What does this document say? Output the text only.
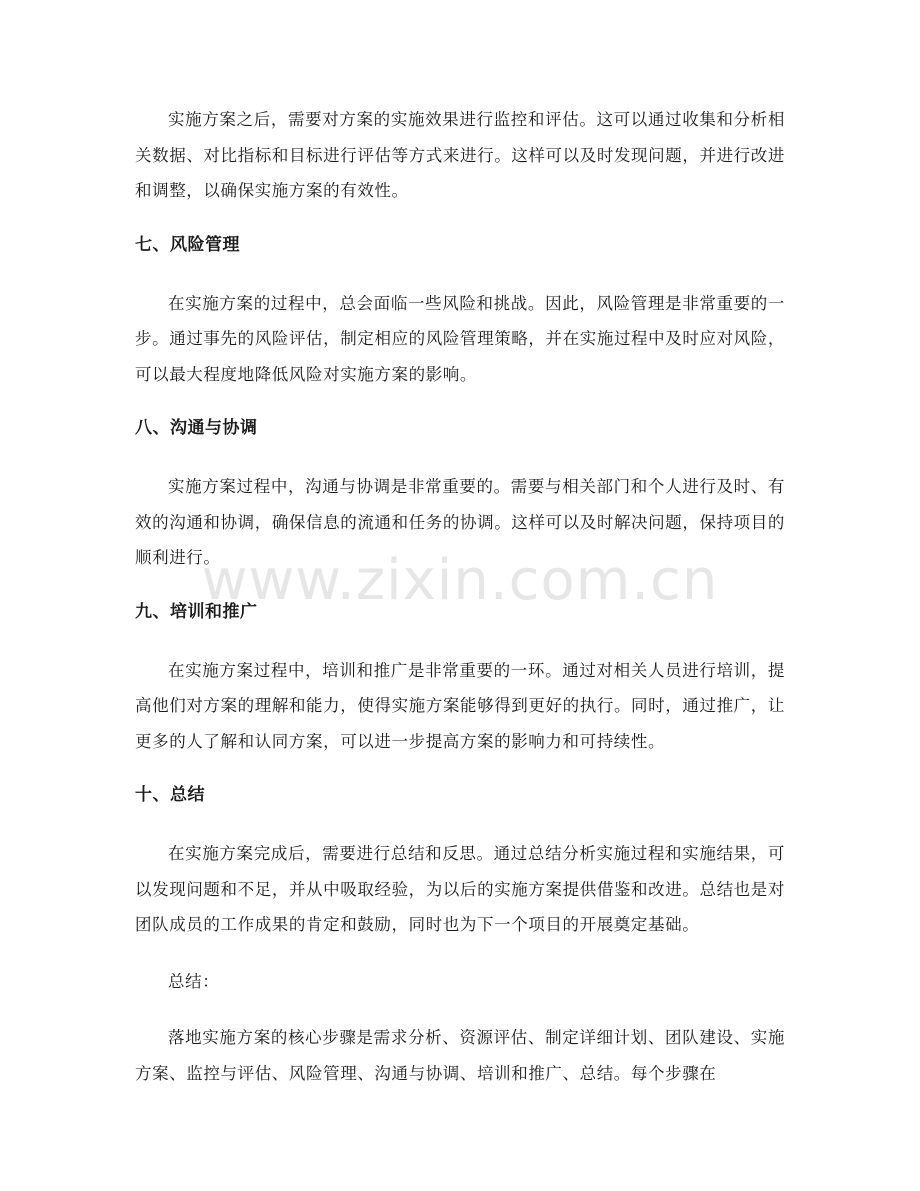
实施方案之后，需要对方案的实施效果进行监控和评估。这可以通过收集和分析相关数据、对比指标和目标进行评估等方式来进行。这样可以及时发现问题，并进行改进和调整，以确保实施方案的有效性。

七、风险管理

在实施方案的过程中，总会面临一些风险和挑战。因此，风险管理是非常重要的一步。通过事先的风险评估，制定相应的风险管理策略，并在实施过程中及时应对风险，可以最大程度地降低风险对实施方案的影响。

八、沟通与协调

实施方案过程中，沟通与协调是非常重要的。需要与相关部门和个人进行及时、有效的沟通和协调，确保信息的流通和任务的协调。这样可以及时解决问题，保持项目的顺利进行。

九、培训和推广

在实施方案过程中，培训和推广是非常重要的一环。通过对相关人员进行培训，提高他们对方案的理解和能力，使得实施方案能够得到更好的执行。同时，通过推广，让更多的人了解和认同方案，可以进一步提高方案的影响力和可持续性。

十、总结

在实施方案完成后，需要进行总结和反思。通过总结分析实施过程和实施结果，可以发现问题和不足，并从中吸取经验，为以后的实施方案提供借鉴和改进。总结也是对团队成员的工作成果的肯定和鼓励，同时也为下一个项目的开展奠定基础。

总结：

落地实施方案的核心步骤是需求分析、资源评估、制定详细计划、团队建设、实施方案、监控与评估、风险管理、沟通与协调、培训和推广、总结。每个步骤在

www.zixin.com.cn
